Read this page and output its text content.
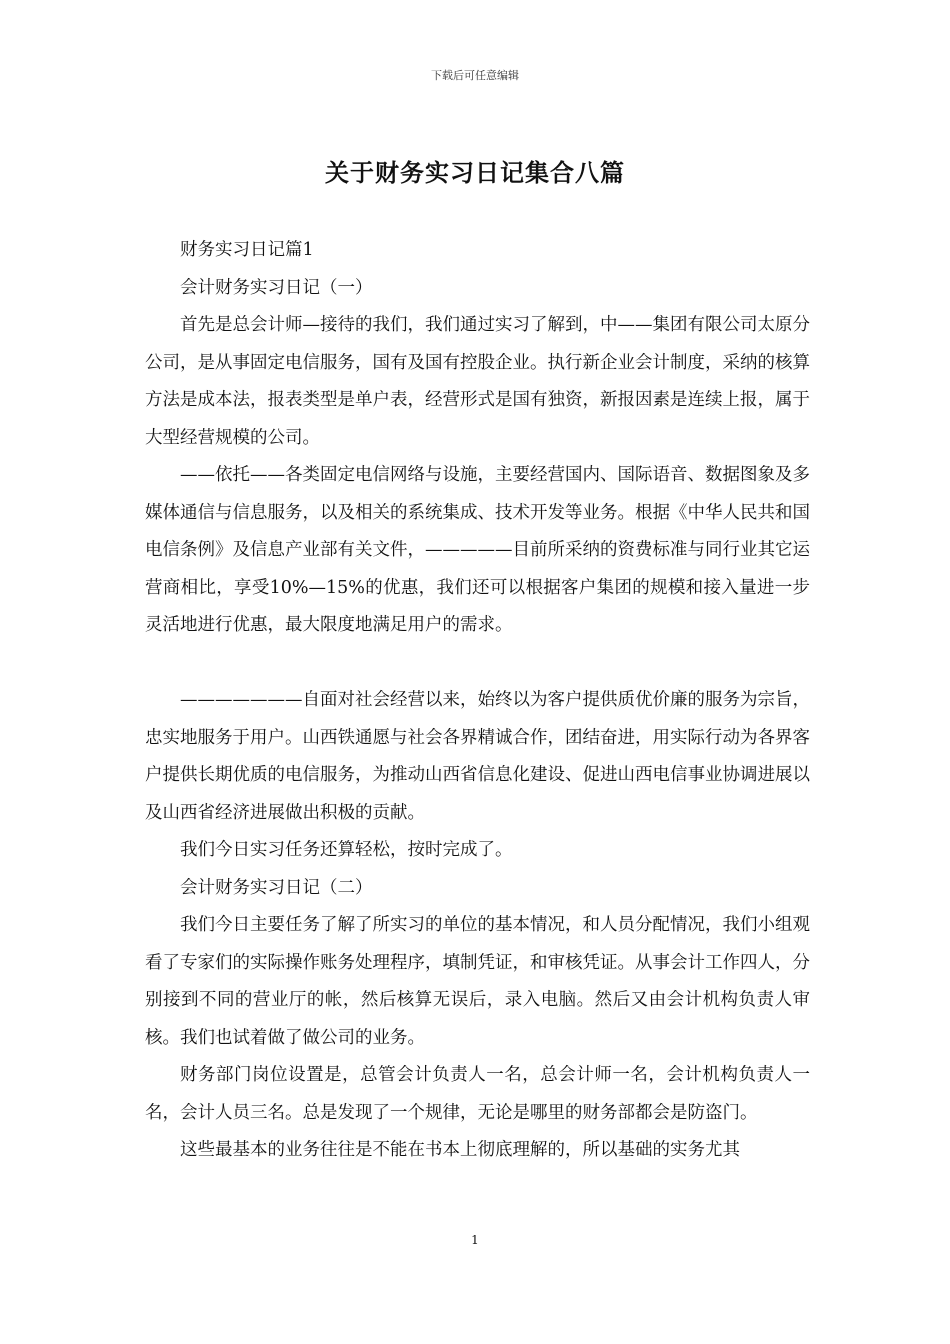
下载后可任意编辑
关于财务实习日记集合八篇

财务实习日记篇1

会计财务实习日记（一）

首先是总会计师—接待的我们，我们通过实习了解到，中——集团有限公司太原分公司，是从事固定电信服务，国有及国有控股企业。执行新企业会计制度，采纳的核算方法是成本法，报表类型是单户表，经营形式是国有独资，新报因素是连续上报，属于大型经营规模的公司。

——依托——各类固定电信网络与设施，主要经营国内、国际语音、数据图象及多媒体通信与信息服务，以及相关的系统集成、技术开发等业务。根据《中华人民共和国电信条例》及信息产业部有关文件，—————目前所采纳的资费标准与同行业其它运营商相比，享受10%—15%的优惠，我们还可以根据客户集团的规模和接入量进一步灵活地进行优惠，最大限度地满足用户的需求。

———————自面对社会经营以来，始终以为客户提供质优价廉的服务为宗旨，忠实地服务于用户。山西铁通愿与社会各界精诚合作，团结奋进，用实际行动为各界客户提供长期优质的电信服务，为推动山西省信息化建设、促进山西电信事业协调进展以及山西省经济进展做出积极的贡献。

我们今日实习任务还算轻松，按时完成了。

会计财务实习日记（二）

我们今日主要任务了解了所实习的单位的基本情况，和人员分配情况，我们小组观看了专家们的实际操作账务处理程序，填制凭证，和审核凭证。从事会计工作四人，分别接到不同的营业厅的帐，然后核算无误后，录入电脑。然后又由会计机构负责人审核。我们也试着做了做公司的业务。

财务部门岗位设置是，总管会计负责人一名，总会计师一名，会计机构负责人一名，会计人员三名。总是发现了一个规律，无论是哪里的财务部都会是防盗门。

这些最基本的业务往往是不能在书本上彻底理解的，所以基础的实务尤其

1
